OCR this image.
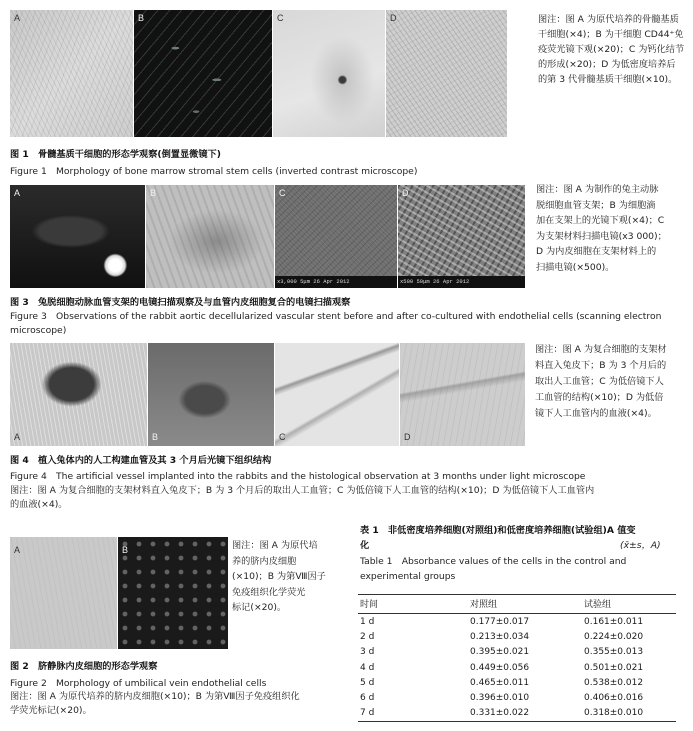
A	B	C	D	图注：图 A 为原代培养的骨髓基质
干细胞(×4)；B 为干细胞 CD44⁺免
疫荧光镜下观(×20)；C 为钙化结节
的形成(×20)；D 为低密度培养后
的第 3 代骨髓基质干细胞(×10)。
图 1　骨髓基质干细胞的形态学观察(倒置显微镜下)
Figure 1　Morphology of bone marrow stromal stem cells (inverted contrast microscope)
A	B	C
x3,000 5μm 26 Apr 2012
D
x500 50μm 26 Apr 2012
图注：图 A 为制作的兔主动脉
脱细胞血管支架；B 为细胞滴
加在支架上的光镜下观(×4)；C
为支架材料扫描电镜(x3 000)；
D 为内皮细胞在支架材料上的
扫描电镜(×500)。
图 3　兔脱细胞动脉血管支架的电镜扫描观察及与血管内皮细胞复合的电镜扫描观察
Figure 3　Observations of the rabbit aortic decellularized vascular stent before and after co-cultured with endothelial cells (scanning electron
microscope)
A	B	C	D
图注：图 A 为复合细胞的支架材
料直入兔皮下；B 为 3 个月后的
取出人工血管；C 为低倍镜下人
工血管的结构(×10)；D 为低倍
镜下人工血管内的血液(×4)。
图 4　植入兔体内的人工构建血管及其 3 个月后光镜下组织结构
Figure 4　The artificial vessel implanted into the rabbits and the histological observation at 3 months under light microscope
图注：图 A 为复合细胞的支架材料直入兔皮下；B 为 3 个月后的取出人工血管；C 为低倍镜下人工血管的结构(×10)；D 为低倍镜下人工血管内
的血液(×4)。
A	B	图注：图 A 为原代培
养的脐内皮细胞
(×10)；B 为第Ⅷ因子
免疫组织化学荧光
标记(×20)。
图 2　脐静脉内皮细胞的形态学观察
Figure 2　Morphology of umbilical vein endothelial cells
图注：图 A 为原代培养的脐内皮细胞(×10)；B 为第Ⅷ因子免疫组织化
学荧光标记(×20)。
表 1　非低密度培养细胞(对照组)和低密度培养细胞(试验组)A 值变
化	(x̄±s，A)
Table 1　Absorbance values of the cells in the control and
experimental groups
时间	对照组	试验组
1 d	0.177±0.017	0.161±0.011
2 d	0.213±0.034	0.224±0.020
3 d	0.395±0.021	0.355±0.013
4 d	0.449±0.056	0.501±0.021
5 d	0.465±0.011	0.538±0.012
6 d	0.396±0.010	0.406±0.016
7 d	0.331±0.022	0.318±0.010
